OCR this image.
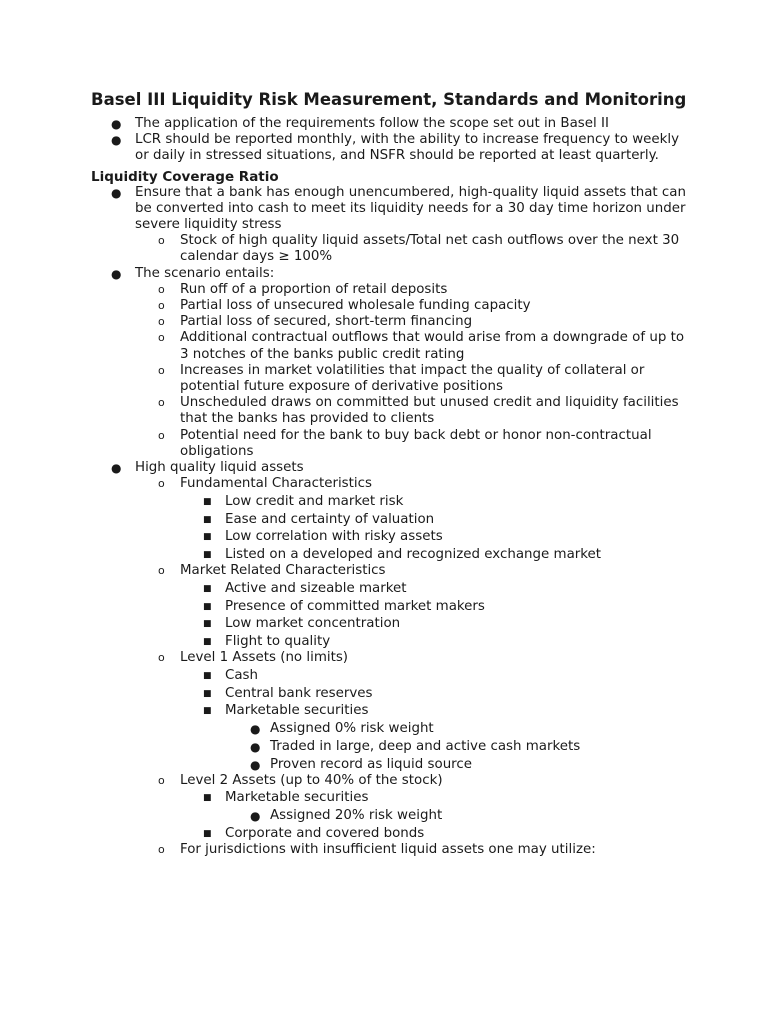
Basel III Liquidity Risk Measurement, Standards and Monitoring
● The application of the requirements follow the scope set out in Basel II
● LCR should be reported monthly, with the ability to increase frequency to weekly or daily in stressed situations, and NSFR should be reported at least quarterly.
Liquidity Coverage Ratio
● Ensure that a bank has enough unencumbered, high-quality liquid assets that can be converted into cash to meet its liquidity needs for a 30 day time horizon under severe liquidity stress
o Stock of high quality liquid assets/Total net cash outflows over the next 30 calendar days ≥ 100%
● The scenario entails:
o Run off of a proportion of retail deposits
o Partial loss of unsecured wholesale funding capacity
o Partial loss of secured, short-term financing
o Additional contractual outflows that would arise from a downgrade of up to 3 notches of the banks public credit rating
o Increases in market volatilities that impact the quality of collateral or potential future exposure of derivative positions
o Unscheduled draws on committed but unused credit and liquidity facilities that the banks has provided to clients
o Potential need for the bank to buy back debt or honor non-contractual obligations
● High quality liquid assets
o Fundamental Characteristics
■ Low credit and market risk
■ Ease and certainty of valuation
■ Low correlation with risky assets
■ Listed on a developed and recognized exchange market
o Market Related Characteristics
■ Active and sizeable market
■ Presence of committed market makers
■ Low market concentration
■ Flight to quality
o Level 1 Assets (no limits)
■ Cash
■ Central bank reserves
■ Marketable securities
● Assigned 0% risk weight
● Traded in large, deep and active cash markets
● Proven record as liquid source
o Level 2 Assets (up to 40% of the stock)
■ Marketable securities
● Assigned 20% risk weight
■ Corporate and covered bonds
o For jurisdictions with insufficient liquid assets one may utilize:
